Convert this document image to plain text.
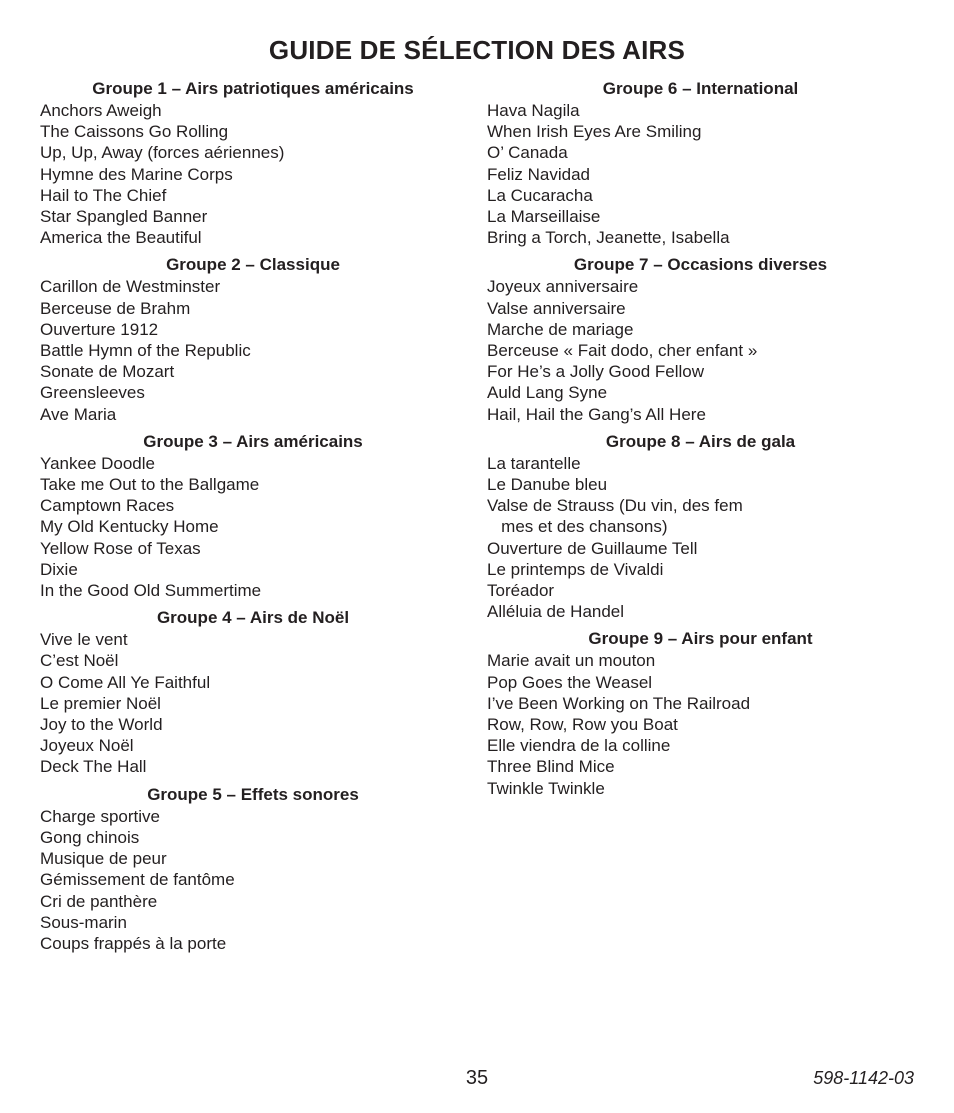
GUIDE DE SÉLECTION DES AIRS
Groupe 1 – Airs patriotiques américains
Anchors Aweigh
The Caissons Go Rolling
Up, Up, Away (forces aériennes)
Hymne des Marine Corps
Hail to The Chief
Star Spangled Banner
America the Beautiful
Groupe 2 – Classique
Carillon de Westminster
Berceuse de Brahm
Ouverture 1912
Battle Hymn of the Republic
Sonate de Mozart
Greensleeves
Ave Maria
Groupe 3 – Airs américains
Yankee Doodle
Take me Out to the Ballgame
Camptown Races
My Old Kentucky Home
Yellow Rose of Texas
Dixie
In the Good Old Summertime
Groupe 4 – Airs de Noël
Vive le vent
C’est Noël
O Come All Ye Faithful
Le premier Noël
Joy to the World
Joyeux Noël
Deck The Hall
Groupe 5 – Effets sonores
Charge sportive
Gong chinois
Musique de peur
Gémissement de fantôme
Cri de panthère
Sous-marin
Coups frappés à la porte
Groupe 6 – International
Hava Nagila
When Irish Eyes Are Smiling
O’ Canada
Feliz Navidad
La Cucaracha
La Marseillaise
Bring a Torch, Jeanette, Isabella
Groupe 7 – Occasions diverses
Joyeux anniversaire
Valse anniversaire
Marche de mariage
Berceuse « Fait dodo, cher enfant »
For He’s a Jolly Good Fellow
Auld Lang Syne
Hail, Hail the Gang’s All Here
Groupe 8 – Airs de gala
La tarantelle
Le Danube bleu
Valse de Strauss (Du vin, des fem
mes et des chansons)
Ouverture de Guillaume Tell
Le printemps de Vivaldi
Toréador
Alléluia de Handel
Groupe 9 – Airs pour enfant
Marie avait un mouton
Pop Goes the Weasel
I’ve Been Working on The Railroad
Row, Row, Row you Boat
Elle viendra de la colline
Three Blind Mice
Twinkle Twinkle
35	598-1142-03
